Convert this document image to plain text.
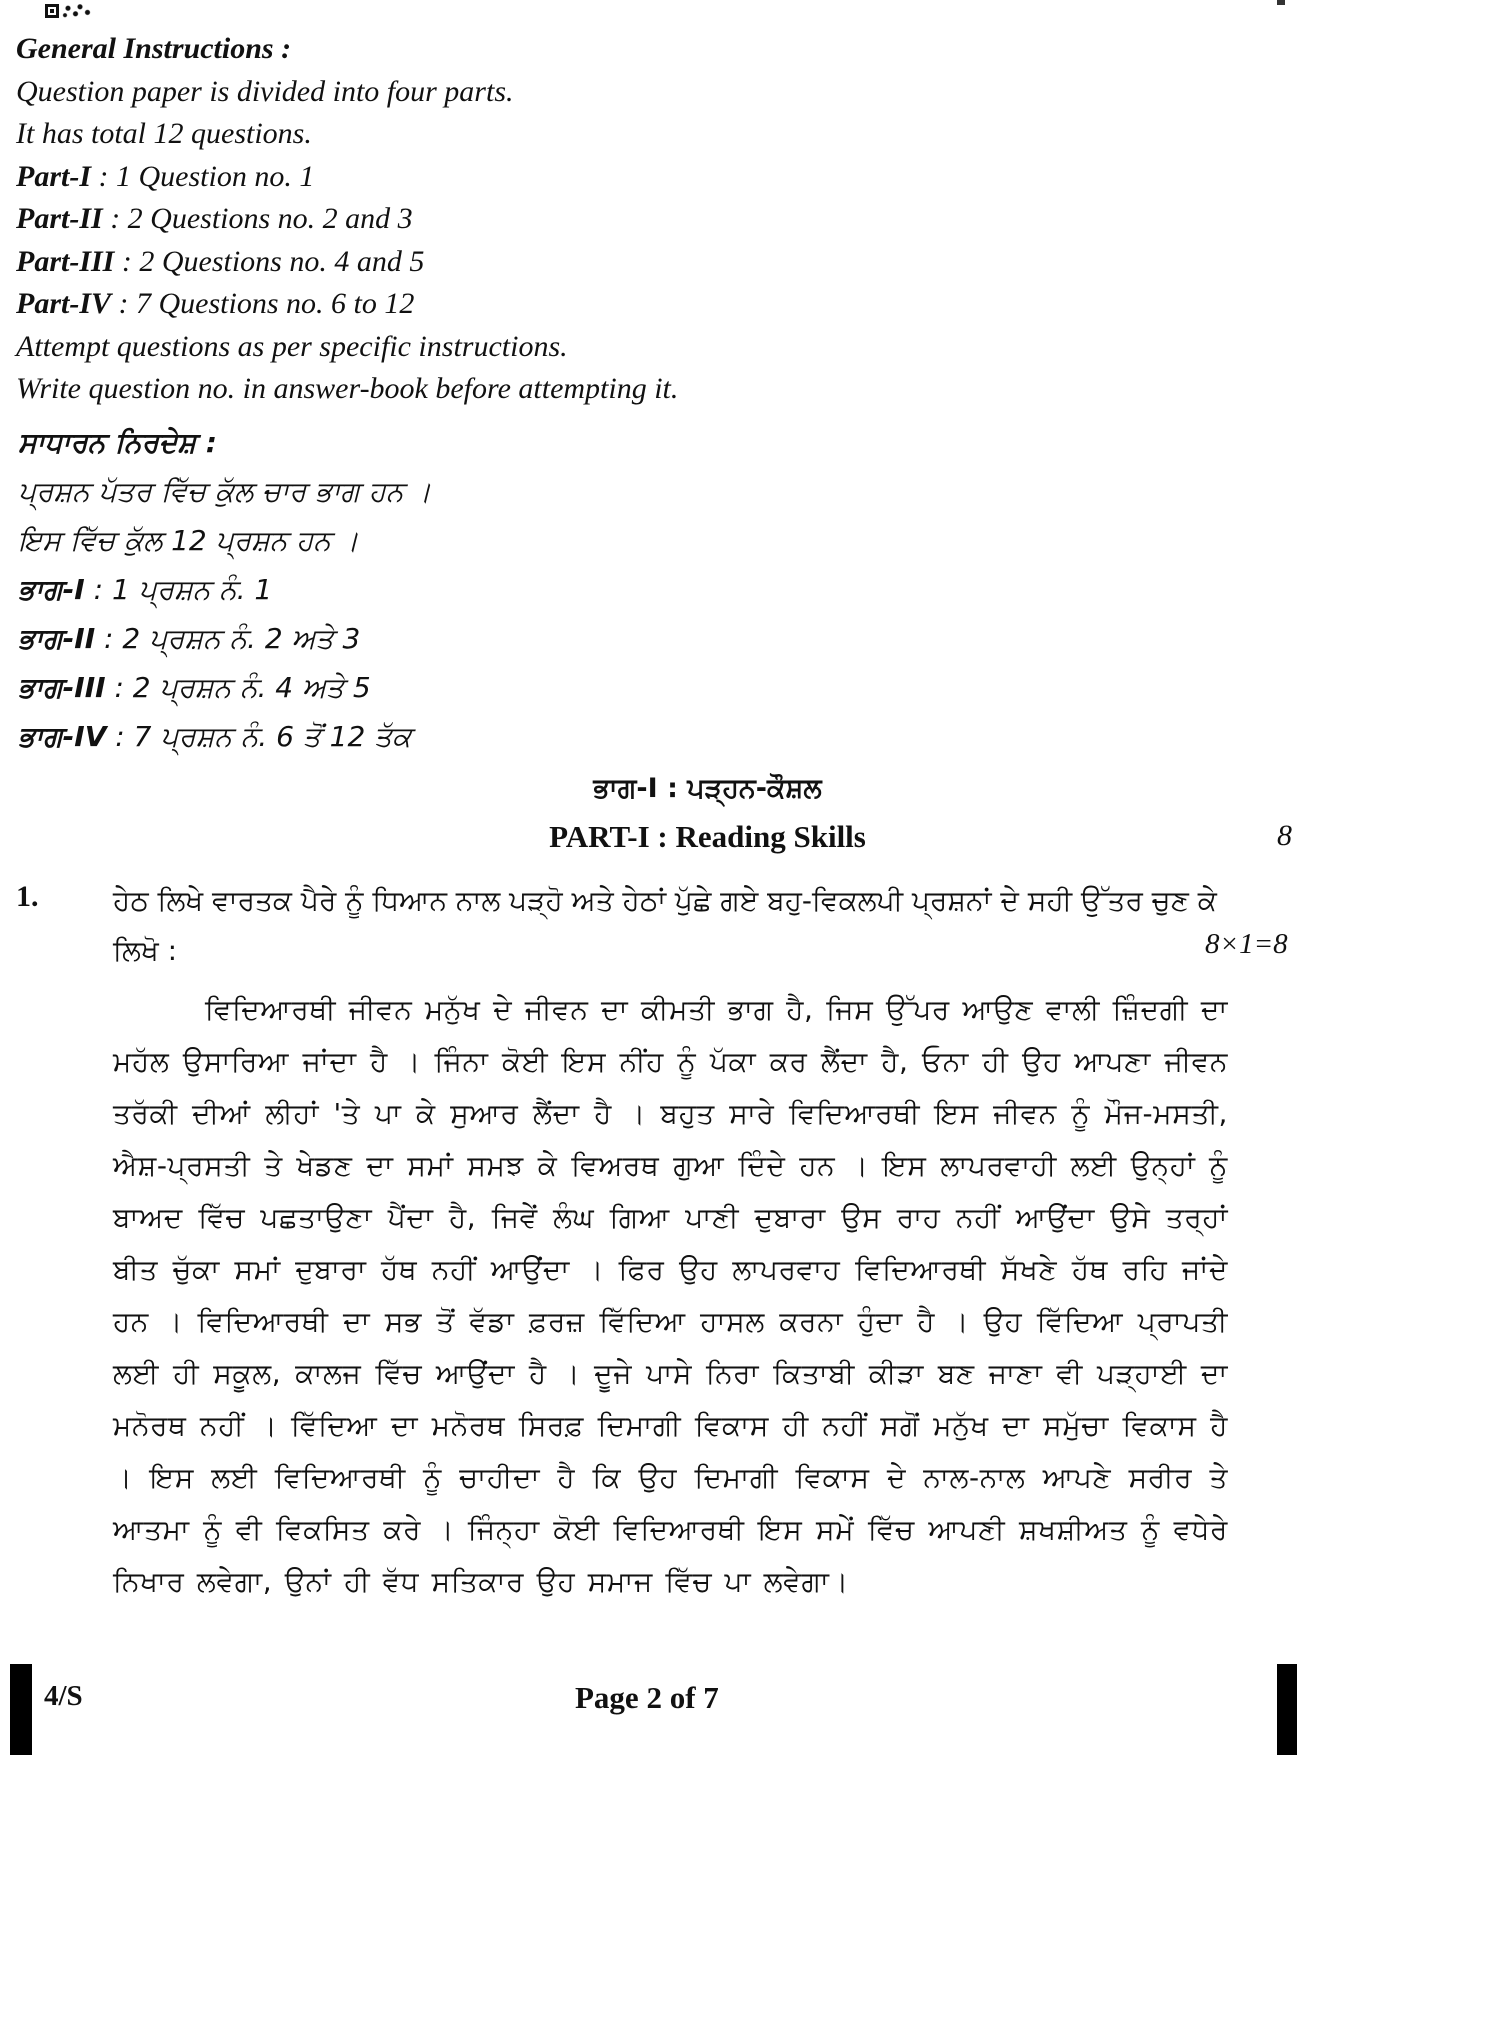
General Instructions :
Question paper is divided into four parts.
It has total 12 questions.
Part-I : 1 Question no. 1
Part-II : 2 Questions no. 2 and 3
Part-III : 2 Questions no. 4 and 5
Part-IV : 7 Questions no. 6 to 12
Attempt questions as per specific instructions.
Write question no. in answer-book before attempting it.
ਸਾਧਾਰਨ ਨਿਰਦੇਸ਼ :
ਪ੍ਰਸ਼ਨ ਪੱਤਰ ਵਿੱਚ ਕੁੱਲ ਚਾਰ ਭਾਗ ਹਨ ।
ਇਸ ਵਿੱਚ ਕੁੱਲ 12 ਪ੍ਰਸ਼ਨ ਹਨ ।
ਭਾਗ-I : 1 ਪ੍ਰਸ਼ਨ ਨੰ. 1
ਭਾਗ-II : 2 ਪ੍ਰਸ਼ਨ ਨੰ. 2 ਅਤੇ 3
ਭਾਗ-III : 2 ਪ੍ਰਸ਼ਨ ਨੰ. 4 ਅਤੇ 5
ਭਾਗ-IV : 7 ਪ੍ਰਸ਼ਨ ਨੰ. 6 ਤੋਂ 12 ਤੱਕ
ਭਾਗ-I : ਪੜ੍ਹਨ-ਕੌਸ਼ਲ
PART-I : Reading Skills	8
1.	ਹੇਠ ਲਿਖੇ ਵਾਰਤਕ ਪੈਰੇ ਨੂੰ ਧਿਆਨ ਨਾਲ ਪੜ੍ਹੋ ਅਤੇ ਹੇਠਾਂ ਪੁੱਛੇ ਗਏ ਬਹੁ-ਵਿਕਲਪੀ ਪ੍ਰਸ਼ਨਾਂ ਦੇ ਸਹੀ ਉੱਤਰ ਚੁਣ ਕੇ ਲਿਖੋ :	8×1=8
ਵਿਦਿਆਰਥੀ ਜੀਵਨ ਮਨੁੱਖ ਦੇ ਜੀਵਨ ਦਾ ਕੀਮਤੀ ਭਾਗ ਹੈ, ਜਿਸ ਉੱਪਰ ਆਉਣ ਵਾਲੀ ਜ਼ਿੰਦਗੀ ਦਾ ਮਹੱਲ ਉਸਾਰਿਆ ਜਾਂਦਾ ਹੈ । ਜਿੰਨਾ ਕੋਈ ਇਸ ਨੀਂਹ ਨੂੰ ਪੱਕਾ ਕਰ ਲੈਂਦਾ ਹੈ, ਓਨਾ ਹੀ ਉਹ ਆਪਣਾ ਜੀਵਨ ਤਰੱਕੀ ਦੀਆਂ ਲੀਹਾਂ 'ਤੇ ਪਾ ਕੇ ਸੁਆਰ ਲੈਂਦਾ ਹੈ । ਬਹੁਤ ਸਾਰੇ ਵਿਦਿਆਰਥੀ ਇਸ ਜੀਵਨ ਨੂੰ ਮੌਜ-ਮਸਤੀ, ਐਸ਼-ਪ੍ਰਸਤੀ ਤੇ ਖੇਡਣ ਦਾ ਸਮਾਂ ਸਮਝ ਕੇ ਵਿਅਰਥ ਗੁਆ ਦਿੰਦੇ ਹਨ । ਇਸ ਲਾਪਰਵਾਹੀ ਲਈ ਉਨ੍ਹਾਂ ਨੂੰ ਬਾਅਦ ਵਿੱਚ ਪਛਤਾਉਣਾ ਪੈਂਦਾ ਹੈ, ਜਿਵੇਂ ਲੰਘ ਗਿਆ ਪਾਣੀ ਦੁਬਾਰਾ ਉਸ ਰਾਹ ਨਹੀਂ ਆਉਂਦਾ ਉਸੇ ਤਰ੍ਹਾਂ ਬੀਤ ਚੁੱਕਾ ਸਮਾਂ ਦੁਬਾਰਾ ਹੱਥ ਨਹੀਂ ਆਉਂਦਾ । ਫਿਰ ਉਹ ਲਾਪਰਵਾਹ ਵਿਦਿਆਰਥੀ ਸੱਖਣੇ ਹੱਥ ਰਹਿ ਜਾਂਦੇ ਹਨ । ਵਿਦਿਆਰਥੀ ਦਾ ਸਭ ਤੋਂ ਵੱਡਾ ਫ਼ਰਜ਼ ਵਿੱਦਿਆ ਹਾਸਲ ਕਰਨਾ ਹੁੰਦਾ ਹੈ । ਉਹ ਵਿੱਦਿਆ ਪ੍ਰਾਪਤੀ ਲਈ ਹੀ ਸਕੂਲ, ਕਾਲਜ ਵਿੱਚ ਆਉਂਦਾ ਹੈ । ਦੂਜੇ ਪਾਸੇ ਨਿਰਾ ਕਿਤਾਬੀ ਕੀੜਾ ਬਣ ਜਾਣਾ ਵੀ ਪੜ੍ਹਾਈ ਦਾ ਮਨੋਰਥ ਨਹੀਂ । ਵਿੱਦਿਆ ਦਾ ਮਨੋਰਥ ਸਿਰਫ਼ ਦਿਮਾਗੀ ਵਿਕਾਸ ਹੀ ਨਹੀਂ ਸਗੋਂ ਮਨੁੱਖ ਦਾ ਸਮੁੱਚਾ ਵਿਕਾਸ ਹੈ । ਇਸ ਲਈ ਵਿਦਿਆਰਥੀ ਨੂੰ ਚਾਹੀਦਾ ਹੈ ਕਿ ਉਹ ਦਿਮਾਗੀ ਵਿਕਾਸ ਦੇ ਨਾਲ-ਨਾਲ ਆਪਣੇ ਸਰੀਰ ਤੇ ਆਤਮਾ ਨੂੰ ਵੀ ਵਿਕਸਿਤ ਕਰੇ । ਜਿੰਨ੍ਹਾ ਕੋਈ ਵਿਦਿਆਰਥੀ ਇਸ ਸਮੇਂ ਵਿੱਚ ਆਪਣੀ ਸ਼ਖਸ਼ੀਅਤ ਨੂੰ ਵਧੇਰੇ ਨਿਖਾਰ ਲਵੇਗਾ, ਉਨਾਂ ਹੀ ਵੱਧ ਸਤਿਕਾਰ ਉਹ ਸਮਾਜ ਵਿੱਚ ਪਾ ਲਵੇਗਾ।
4/S	Page 2 of 7
